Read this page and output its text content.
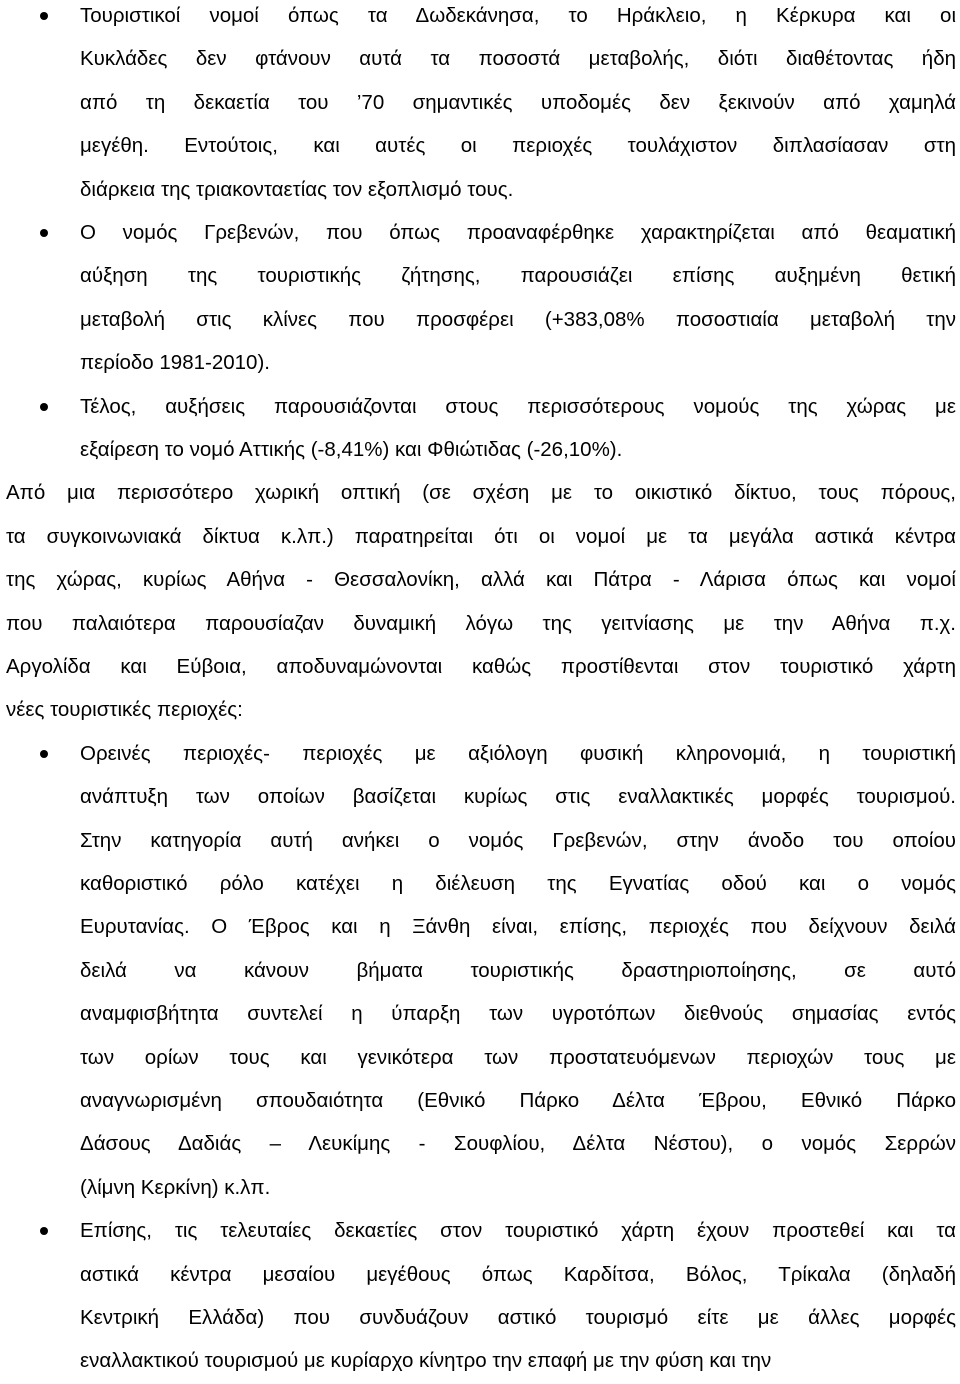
Τουριστικοί νομοί όπως τα Δωδεκάνησα, το Ηράκλειο, η Κέρκυρα και οι
Κυκλάδες δεν φτάνουν αυτά τα ποσοστά μεταβολής, διότι διαθέτοντας ήδη
από τη δεκαετία του ’70 σημαντικές υποδομές δεν ξεκινούν από χαμηλά
μεγέθη. Εντούτοις, και αυτές οι περιοχές τουλάχιστον διπλασίασαν στη
διάρκεια της τριακονταετίας τον εξοπλισμό τους.
Ο νομός Γρεβενών, που όπως προαναφέρθηκε χαρακτηρίζεται από θεαματική
αύξηση της τουριστικής ζήτησης, παρουσιάζει επίσης αυξημένη θετική
μεταβολή στις κλίνες που προσφέρει (+383,08% ποσοστιαία μεταβολή την
περίοδο 1981-2010).
Τέλος, αυξήσεις παρουσιάζονται στους περισσότερους νομούς της χώρας με
εξαίρεση το νομό Αττικής (-8,41%) και Φθιώτιδας (-26,10%).
Από μια περισσότερο χωρική οπτική (σε σχέση με το οικιστικό δίκτυο, τους πόρους,
τα συγκοινωνιακά δίκτυα κ.λπ.) παρατηρείται ότι οι νομοί με τα μεγάλα αστικά κέντρα
της χώρας, κυρίως Αθήνα - Θεσσαλονίκη, αλλά και Πάτρα - Λάρισα όπως και νομοί
που παλαιότερα παρουσίαζαν δυναμική λόγω της γειτνίασης με την Αθήνα π.χ.
Αργολίδα και Εύβοια, αποδυναμώνονται καθώς προστίθενται στον τουριστικό χάρτη
νέες τουριστικές περιοχές:
Ορεινές περιοχές- περιοχές με αξιόλογη φυσική κληρονομιά, η τουριστική
ανάπτυξη των οποίων βασίζεται κυρίως στις εναλλακτικές μορφές τουρισμού.
Στην κατηγορία αυτή ανήκει ο νομός Γρεβενών, στην άνοδο του οποίου
καθοριστικό ρόλο κατέχει η διέλευση της Εγνατίας οδού και ο νομός
Ευρυτανίας. Ο Έβρος και η Ξάνθη είναι, επίσης, περιοχές που δείχνουν δειλά
δειλά να κάνουν βήματα τουριστικής δραστηριοποίησης, σε αυτό
αναμφισβήτητα συντελεί η ύπαρξη των υγροτόπων διεθνούς σημασίας εντός
των ορίων τους και γενικότερα των προστατευόμενων περιοχών τους με
αναγνωρισμένη σπουδαιότητα (Εθνικό Πάρκο Δέλτα Έβρου, Εθνικό Πάρκο
Δάσους Δαδιάς – Λευκίμης - Σουφλίου, Δέλτα Νέστου), ο νομός Σερρών
(λίμνη Κερκίνη) κ.λπ.
Επίσης, τις τελευταίες δεκαετίες στον τουριστικό χάρτη έχουν προστεθεί και τα
αστικά κέντρα μεσαίου μεγέθους όπως Καρδίτσα, Βόλος, Τρίκαλα (δηλαδή
Κεντρική Ελλάδα) που συνδυάζουν αστικό τουρισμό είτε με άλλες μορφές
εναλλακτικού τουρισμού με κυρίαρχο κίνητρο την επαφή με την φύση και την
